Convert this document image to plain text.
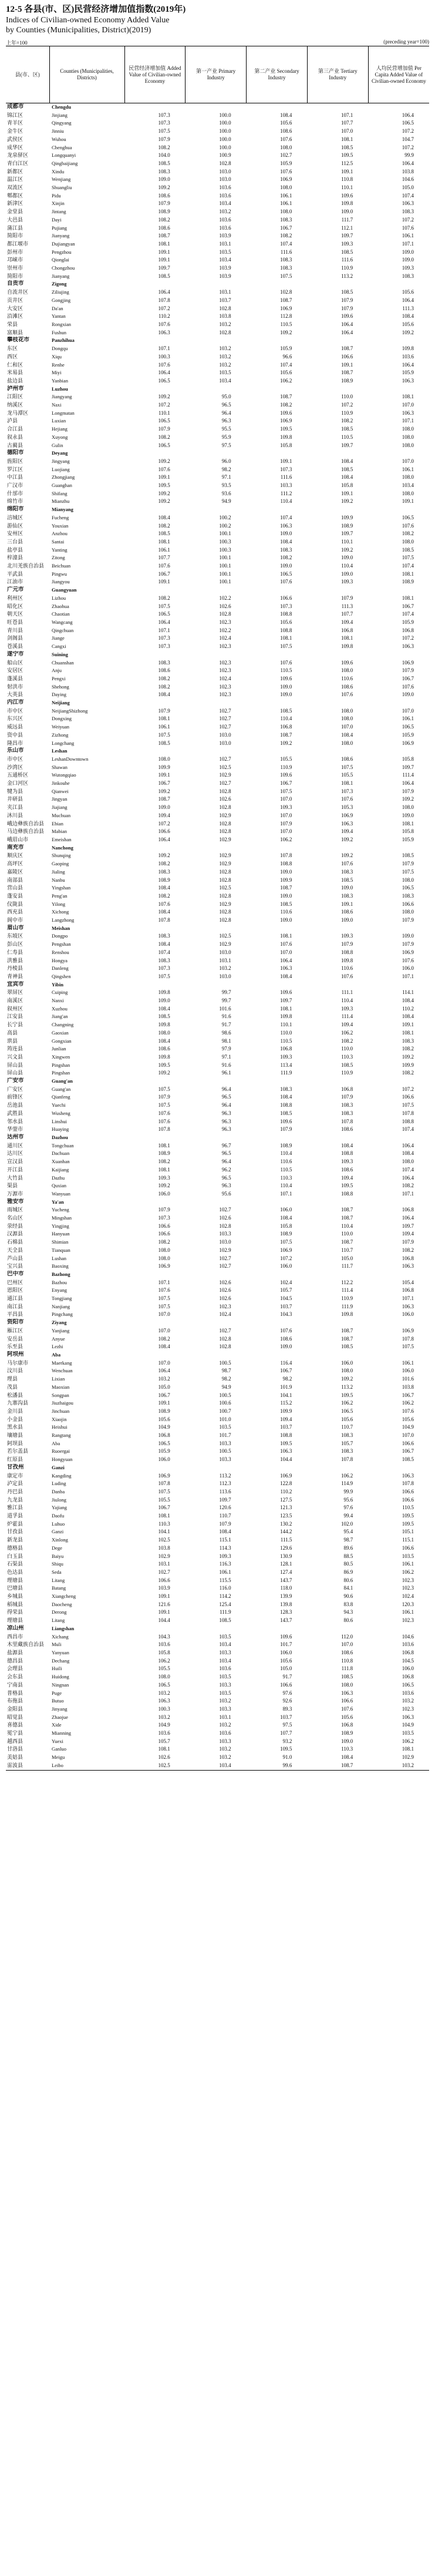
12-5 各县(市、区)民营经济增加值指数(2019年)
Indices of Civilian-owned Economy Added Value
by Counties (Municipalities, District)(2019)
上年=100	(preceding year=100)
县(市、区)	Counties (Municipalities, Districts)	民营经济增加值 Added Value of Civilian-owned Economy	第一产业 Primary Industry	第二产业 Secondary Industry	第三产业 Tertiary Industry	人均民营增加值 Per Capita Added Value of Civilian-owned Economy
成都市	Chengdu					
锦江区	Jinjiang	107.3	100.0	108.4	107.1	106.4
青羊区	Qingyang	107.3	100.0	105.6	107.7	106.5
金牛区	Jinniu	107.5	100.0	108.6	107.0	107.2
武侯区	Wuhou	107.9	100.0	107.6	108.1	104.7
成华区	Chenghua	108.2	100.0	108.0	108.5	107.2
龙泉驿区	Longquanyi	104.0	100.9	102.7	109.5	99.9
青白江区	Qingbaijiang	108.5	102.8	105.9	112.5	106.4
新都区	Xindu	108.3	103.0	107.6	109.1	103.8
温江区	Wenjiang	109.0	103.0	106.9	110.8	104.6
双流区	Shuangliu	109.2	103.6	108.0	110.1	105.0
郫都区	Pidu	108.6	103.6	106.1	109.6	107.4
新津区	Xinjin	107.9	103.4	106.1	109.8	106.3
金堂县	Jintang	108.9	103.2	108.0	109.0	108.3
大邑县	Dayi	108.2	103.6	108.3	111.7	107.2
蒲江县	Pujiang	108.6	103.6	106.7	112.1	107.6
简阳市	Jianyang	108.7	103.9	108.2	109.7	106.1
都江堰市	Dujiangyan	108.1	103.1	107.4	109.3	107.1
彭州市	Pengzhou	109.1	103.5	111.6	108.5	109.0
邛崃市	Qionglai	109.1	103.4	108.3	111.6	109.0
崇州市	Chongzhou	109.7	103.9	108.3	110.9	109.3
简阳市	Jianyang	108.5	103.9	107.5	113.2	108.3
自贡市	Zigong					
自流井区	Ziliujing	106.4	103.1	102.8	108.5	105.6
贡井区	Gongjing	107.8	103.7	108.7	107.9	106.4
大安区	Da'an	107.2	102.8	106.9	107.9	111.3
沿滩区	Yantan	110.2	103.8	112.8	109.6	108.4
荣县	Rongxian	107.6	103.2	110.5	106.4	105.6
富顺县	Fushun	106.3	102.8	109.2	106.4	109.2
攀枝花市	Panzhihua					
东区	Dongqu	107.1	103.2	105.9	108.7	109.8
西区	Xiqu	100.3	103.2	96.6	106.6	103.6
仁和区	Renhe	107.6	103.2	107.4	109.1	106.4
米易县	Miyi	106.4	103.5	105.6	108.7	105.9
盐边县	Yanbian	106.5	103.4	106.2	108.9	106.3
泸州市	Luzhou					
江阳区	Jiangyang	109.2	95.0	108.7	110.0	108.1
纳溪区	Naxi	107.2	96.5	108.2	107.2	107.0
龙马潭区	Longmatan	110.1	96.4	109.6	110.9	106.3
泸县	Luxian	106.5	96.3	106.9	108.2	107.1
合江县	Hejiang	107.9	95.5	109.5	108.5	108.0
叙永县	Xuyong	108.2	95.9	109.8	110.5	108.0
古蔺县	Gulin	106.5	97.5	105.8	109.7	108.0
德阳市	Deyang					
旌阳区	Jingyang	109.2	96.0	109.1	108.4	107.0
罗江区	Luojiang	107.6	98.2	107.3	108.5	106.1
中江县	Zhongjiang	109.1	97.1	111.6	108.4	108.0
广汉市	Guanghan	109.5	93.5	103.3	105.8	103.4
什邡市	Shifang	109.2	93.6	111.2	109.1	108.0
绵竹市	Mianzhu	109.2	94.9	110.4	109.2	109.1
绵阳市	Mianyang					
涪城区	Fucheng	108.4	100.2	107.4	109.9	106.5
游仙区	Youxian	108.2	100.2	106.3	108.9	107.6
安州区	Anzhou	108.5	100.1	109.0	109.7	108.2
三台县	Santai	108.1	100.3	108.4	110.1	108.0
盐亭县	Yanting	106.1	100.3	108.3	109.2	108.5
梓潼县	Zitong	107.7	100.1	108.2	109.0	107.5
北川羌族自治县	Beichuan	107.6	100.1	109.0	110.4	107.4
平武县	Pingwu	106.7	100.1	106.5	109.0	108.1
江油市	Jiangyou	109.1	100.1	107.6	109.3	108.9
广元市	Guangyuan					
利州区	Lizhou	108.2	102.2	106.6	107.9	108.1
昭化区	Zhaohua	107.5	102.6	107.3	111.3	106.7
朝天区	Chaotian	106.5	102.8	108.8	107.7	107.4
旺苍县	Wangcang	106.4	102.3	105.6	109.4	105.9
青川县	Qingchuan	107.1	102.2	108.8	106.8	106.8
剑阁县	Jiange	107.3	102.4	108.1	108.1	107.2
苍溪县	Cangxi	107.3	102.3	107.5	109.8	106.3
遂宁市	Suining					
船山区	Chuanshan	108.3	102.3	107.6	109.6	106.9
安居区	Anju	108.6	102.3	110.5	108.0	107.9
蓬溪县	Pengxi	108.2	102.4	109.6	110.6	106.7
射洪市	Shehong	108.2	102.3	109.0	108.6	107.6
大英县	Daying	108.4	102.3	109.0	107.6	109.0
内江市	Neijiang					
市中区	NeijiangShizhong	107.9	102.7	108.5	108.0	107.0
东兴区	Dongxing	108.1	102.7	110.4	108.0	106.1
威远县	Weiyuan	106.1	102.7	106.8	107.0	106.5
资中县	Zizhong	107.5	103.0	108.7	108.4	105.9
隆昌市	Longchang	108.5	103.0	109.2	108.0	106.9
乐山市	Leshan					
市中区	LeshanDowntown	108.0	102.7	105.5	108.6	105.8
沙湾区	Shawan	109.9	102.5	110.9	107.5	109.7
五通桥区	Wutongqiao	109.1	102.9	109.6	105.5	111.4
金口河区	Jinkouhe	106.7	102.7	106.7	108.1	106.4
犍为县	Qianwei	109.2	102.8	107.5	107.3	107.9
井研县	Jingyan	108.7	102.6	107.0	107.6	109.2
夹江县	Jiajiang	109.0	102.8	109.3	105.3	108.0
沐川县	Muchuan	109.4	102.9	107.0	106.9	109.0
峨边彝族自治县	Ebian	107.2	102.8	107.9	106.3	108.1
马边彝族自治县	Mabian	106.6	102.8	107.0	109.4	105.8
峨眉山市	Emeishan	106.4	102.9	106.2	109.2	105.9
南充市	Nanchong					
顺庆区	Shunqing	109.2	102.9	107.8	109.2	108.5
高坪区	Gaoping	108.2	102.9	108.8	107.6	107.9
嘉陵区	Jialing	108.3	102.8	109.0	108.3	107.5
南部县	Nanbu	108.9	102.8	109.9	108.5	108.0
营山县	Yingshan	108.4	102.5	108.7	109.0	106.5
蓬安县	Peng'an	108.2	102.8	109.0	108.3	108.3
仪陇县	Yilong	107.6	102.9	108.5	109.1	106.6
西充县	Xichong	108.4	102.8	110.6	108.6	108.0
阆中市	Langzhong	107.8	102.8	109.0	109.0	107.9
眉山市	Meishan					
东坡区	Dongpo	108.3	102.5	108.1	109.3	109.0
彭山区	Pengshan	108.4	102.9	107.6	107.9	107.9
仁寿县	Renshou	107.4	103.0	107.0	108.8	106.9
洪雅县	Hongya	108.3	103.1	106.4	109.8	107.6
丹棱县	Danleng	107.3	103.2	106.3	110.6	106.0
青神县	Qingshen	107.5	103.0	108.4	107.6	107.1
宜宾市	Yibin					
翠屏区	Cuiping	109.8	99.7	109.6	111.1	114.1
南溪区	Nanxi	109.0	99.7	109.7	110.4	108.4
叙州区	Xuzhou	108.4	101.6	108.1	109.3	110.2
江安县	Jiang'an	108.5	91.6	109.8	111.4	108.4
长宁县	Changning	109.8	91.7	110.1	109.4	109.1
高县	Gaoxian	108.0	98.6	110.0	106.2	108.1
珙县	Gongxian	108.4	98.1	110.5	108.2	108.3
筠连县	Junlian	108.6	97.9	106.8	110.0	108.2
兴文县	Xingwen	109.8	97.1	109.3	110.3	109.2
屏山县	Pingshan	109.5	91.6	113.4	108.5	109.9
屏山县	Pingshan	109.2	96.1	111.9	110.9	108.2
广安市	Guang'an					
广安区	Guang'an	107.5	96.4	108.3	106.8	107.2
前锋区	Qianfeng	107.9	96.5	108.4	107.9	106.6
岳池县	Yuechi	107.5	96.4	108.8	108.3	107.5
武胜县	Wusheng	107.6	96.3	108.5	108.3	107.8
邻水县	Linshui	107.6	96.3	109.6	107.8	108.8
华蓥市	Huaying	107.8	96.3	107.9	108.6	107.4
达州市	Dazhou					
通川区	Tongchuan	108.1	96.7	108.9	108.4	106.4
达川区	Dachuan	108.9	96.5	110.4	108.8	108.4
宣汉县	Xuanhan	108.2	96.4	110.6	109.3	108.0
开江县	Kaijiang	108.1	96.2	110.5	108.6	107.4
大竹县	Dazhu	109.3	96.5	110.3	109.4	106.4
渠县	Quxian	109.2	96.3	110.4	109.5	108.2
万源市	Wanyuan	106.0	95.6	107.1	108.8	107.1
雅安市	Ya'an					
雨城区	Yucheng	107.9	102.7	106.0	108.7	106.8
名山区	Mingshan	107.3	102.6	108.4	108.7	106.4
荥经县	Yingjing	106.6	102.8	105.8	110.4	109.7
汉源县	Hanyuan	106.6	103.3	108.9	110.0	109.4
石棉县	Shimian	108.2	103.0	107.5	108.7	107.9
天全县	Tianquan	108.0	102.9	106.9	110.7	108.2
芦山县	Lushan	108.0	102.7	107.2	105.0	106.8
宝兴县	Baoxing	106.9	102.7	106.0	111.7	106.3
巴中市	Bazhong					
巴州区	Bazhou	107.1	102.6	102.4	112.2	105.4
恩阳区	Enyang	107.6	102.6	105.7	111.4	106.8
通江县	Tongjiang	107.5	102.6	104.5	110.9	107.1
南江县	Nanjiang	107.5	102.3	103.7	111.9	106.3
平昌县	Pingchang	107.0	102.4	104.3	109.8	106.0
资阳市	Ziyang					
雁江区	Yanjiang	107.0	102.7	107.6	108.7	106.9
安岳县	Anyue	108.2	102.8	108.6	108.7	107.8
乐至县	Lezhi	108.4	102.8	109.0	108.5	107.5
阿坝州	Aba					
马尔康市	Maerkang	107.0	100.5	116.4	106.0	106.1
汶川县	Wenchuan	106.4	98.7	106.7	108.0	106.0
理县	Lixian	103.2	98.2	98.2	109.2	101.6
茂县	Maoxian	105.0	94.9	101.9	113.2	103.8
松潘县	Songpan	106.7	100.5	104.1	109.5	106.7
九寨沟县	Jiuzhaigou	109.1	100.6	115.2	106.2	106.2
金川县	Jinchuan	108.9	100.7	109.9	106.5	107.6
小金县	Xiaojin	105.6	101.0	109.4	105.6	105.6
黑水县	Heishui	104.9	103.5	103.7	110.7	104.9
壤塘县	Rangtang	106.8	101.7	108.8	108.3	107.0
阿坝县	Aba	106.5	103.3	109.5	105.7	106.6
若尔盖县	Ruoergai	105.9	100.5	106.3	108.3	106.7
红原县	Hongyuan	106.0	103.3	104.4	107.8	108.5
甘孜州	Ganzi					
康定市	Kangding	106.9	113.2	106.9	106.2	106.3
泸定县	Luding	107.8	112.3	122.8	114.9	107.8
丹巴县	Danba	107.5	113.6	110.2	99.9	106.6
九龙县	Jiulong	105.5	109.7	127.5	95.6	106.6
雅江县	Yajiang	106.7	120.6	121.3	97.6	110.5
道孚县	Daofu	108.1	110.7	123.5	99.4	109.5
炉霍县	Luhuo	110.3	107.9	130.2	102.0	109.5
甘孜县	Ganzi	104.1	108.4	144.2	95.4	105.1
新龙县	Xinlong	102.5	115.1	111.5	98.7	115.1
德格县	Dege	103.8	114.3	129.6	89.6	106.6
白玉县	Baiyu	102.9	109.3	130.9	88.5	103.5
石渠县	Shiqu	103.1	116.3	128.1	80.5	106.1
色达县	Seda	102.7	106.1	127.4	86.9	106.2
理塘县	Litang	106.6	115.5	143.7	80.6	102.3
巴塘县	Batang	103.9	116.0	118.0	84.1	102.3
乡城县	Xiangcheng	109.1	114.2	139.9	90.6	102.4
稻城县	Daocheng	121.6	125.4	139.8	83.8	120.3
得荣县	Derong	109.1	111.9	128.3	94.3	106.1
理塘县	Litang	104.4	108.5	143.7	80.6	102.3
凉山州	Liangshan					
西昌市	Xichang	104.3	103.5	109.6	112.0	104.6
木里藏族自治县	Muli	103.6	103.4	101.7	107.0	103.6
盐源县	Yanyuan	105.8	103.3	106.0	108.6	106.8
德昌县	Dechang	106.2	103.4	105.6	110.8	104.5
会理县	Huili	105.5	103.6	105.0	111.8	106.0
会东县	Huidong	108.0	103.5	91.7	108.5	106.8
宁南县	Ningnan	106.5	103.3	106.6	108.0	106.5
普格县	Puge	103.2	103.5	97.6	106.3	103.6
布拖县	Butuo	106.3	103.2	92.6	106.6	103.2
金阳县	Jinyang	100.3	103.3	89.3	107.6	102.3
昭觉县	Zhaojue	103.2	103.1	103.7	105.6	106.3
喜德县	Xide	104.9	103.2	97.5	106.8	104.9
冕宁县	Mianning	103.6	103.6	107.7	108.9	103.5
越西县	Yuexi	105.7	103.3	93.2	109.0	106.2
甘洛县	Ganluo	108.1	103.2	109.5	110.3	108.1
美姑县	Meigu	102.6	103.2	91.0	108.4	102.9
雷波县	Leibo	102.5	103.4	99.6	108.7	103.2
